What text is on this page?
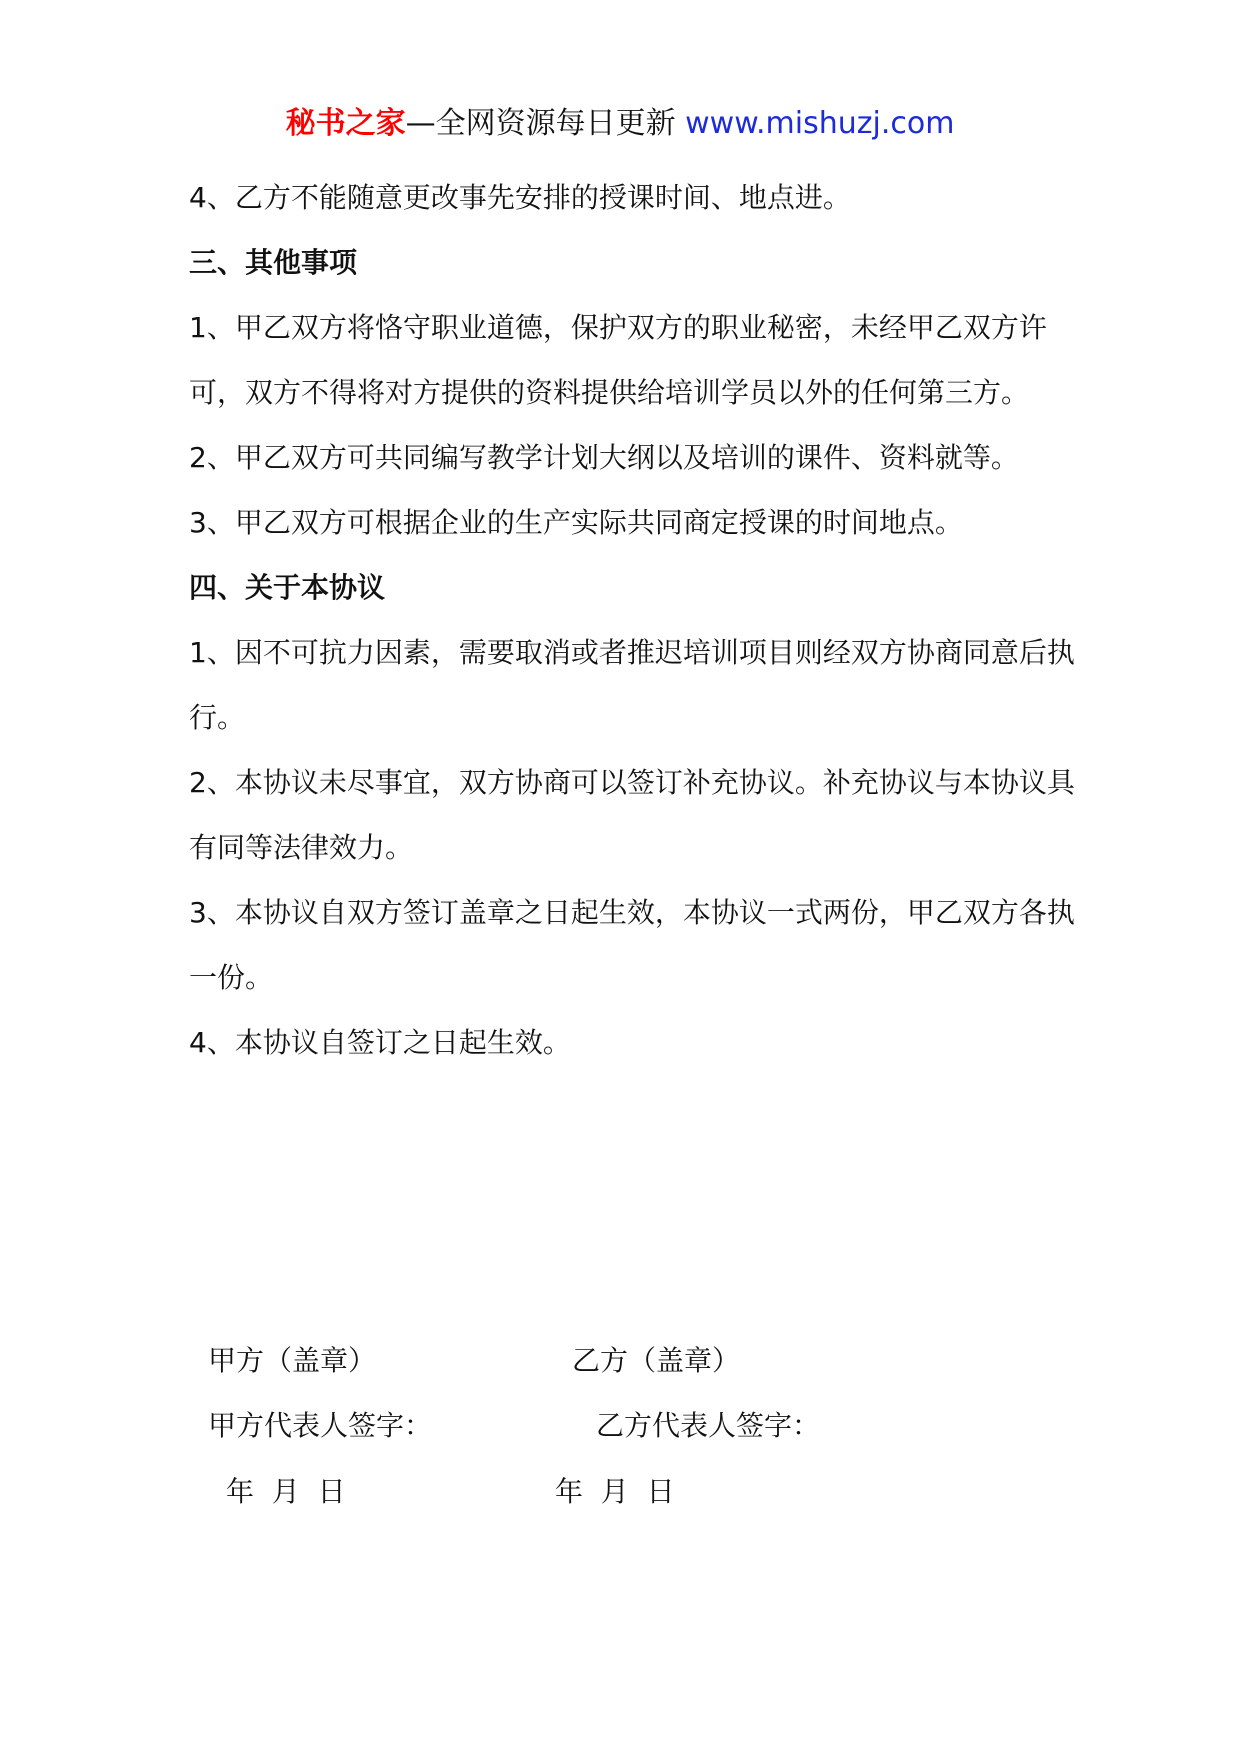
秘书之家—全网资源每日更新 www.mishuzj.com

4、乙方不能随意更改事先安排的授课时间、地点进。

三、其他事项

1、甲乙双方将恪守职业道德，保护双方的职业秘密，未经甲乙双方许可，双方不得将对方提供的资料提供给培训学员以外的任何第三方。

2、甲乙双方可共同编写教学计划大纲以及培训的课件、资料就等。

3、甲乙双方可根据企业的生产实际共同商定授课的时间地点。

四、关于本协议

1、因不可抗力因素，需要取消或者推迟培训项目则经双方协商同意后执行。

2、本协议未尽事宜，双方协商可以签订补充协议。补充协议与本协议具有同等法律效力。

3、本协议自双方签订盖章之日起生效，本协议一式两份，甲乙双方各执一份。

4、本协议自签订之日起生效。

甲方（盖章）	乙方（盖章）

甲方代表人签字：	乙方代表人签字：

年  月  日	年  月  日
